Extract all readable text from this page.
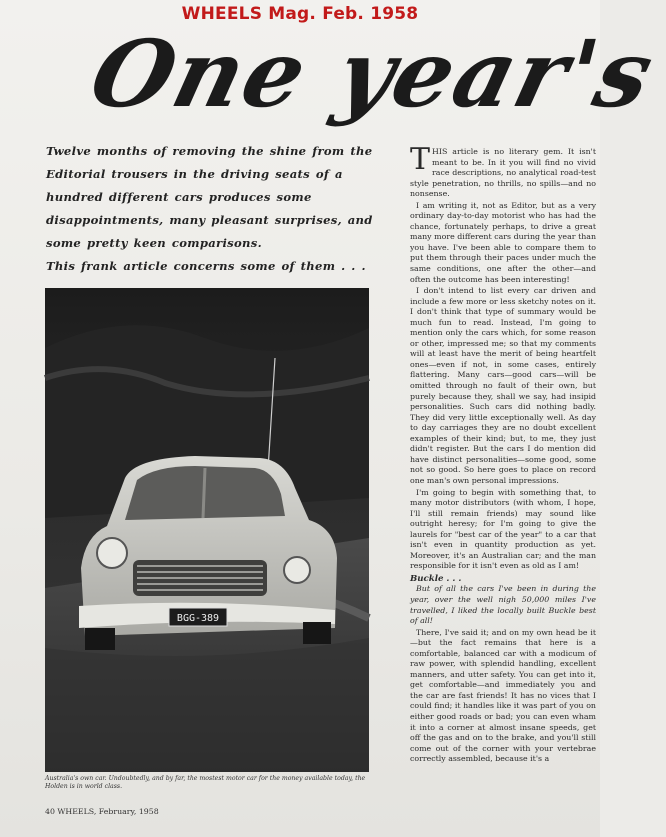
WHEELS Mag. Feb. 1958
One year's
Twelve months of removing the shine from the Editorial trousers in the driving seats of a hundred different cars produces some disappointments, many pleasant surprises, and some pretty keen comparisons.
This frank article concerns some of them . . .
BGG-389
Australia's own car. Undoubtedly, and by far, the mostest motor car for the money available today, the Holden is in world class.
40 WHEELS, February, 1958

THIS article is no literary gem. It isn't meant to be. In it you will find no vivid race descriptions, no analytical road-test style penetration, no thrills, no spills—and no nonsense.

I am writing it, not as Editor, but as a very ordinary day-to-day motorist who has had the chance, fortunately perhaps, to drive a great many more different cars during the year than you have. I've been able to compare them to put them through their paces under much the same conditions, one after the other—and often the outcome has been interesting!

I don't intend to list every car driven and include a few more or less sketchy notes on it. I don't think that type of summary would be much fun to read. Instead, I'm going to mention only the cars which, for some reason or other, impressed me; so that my comments will at least have the merit of being heartfelt ones—even if not, in some cases, entirely flattering. Many cars—good cars—will be omitted through no fault of their own, but purely because they, shall we say, had insipid personalities. Such cars did nothing badly. They did very little exceptionally well. As day to day carriages they are no doubt excellent examples of their kind; but, to me, they just didn't register. But the cars I do mention did have distinct personalities—some good, some not so good. So here goes to place on record one man's own personal impressions.

I'm going to begin with something that, to many motor distributors (with whom, I hope, I'll still remain friends) may sound like outright heresy; for I'm going to give the laurels for "best car of the year" to a car that isn't even in quantity production as yet. Moreover, it's an Australian car; and the man responsible for it isn't even as old as I am!

Buckle . . .

But of all the cars I've been in during the year, over the well nigh 50,000 miles I've travelled, I liked the locally built Buckle best of all!

There, I've said it; and on my own head be it—but the fact remains that here is a comfortable, balanced car with a modicum of raw power, with splendid handling, excellent manners, and utter safety. You can get into it, get comfortable—and immediately you and the car are fast friends! It has no vices that I could find; it handles like it was part of you on either good roads or bad; you can even wham it into a corner at almost insane speeds, get off the gas and on to the brake, and you'll still come out of the corner with your vertebrae correctly assembled, because it's a
